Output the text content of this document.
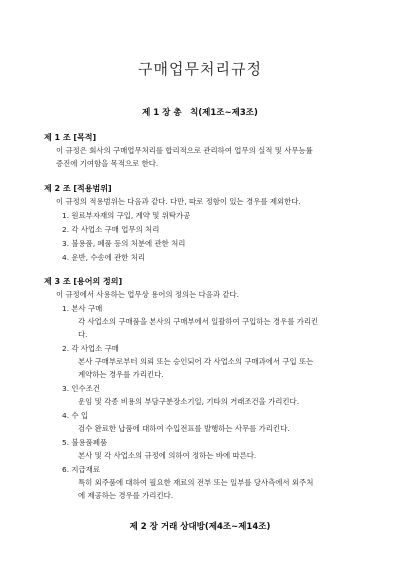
구매업무처리규정
제 1 장 총　칙(제1조~제3조)
제 1 조 [목적]
이 규정은 회사의 구매업무처리를 합리적으로 관리하여 업무의 실적 및 사무능률
증진에 기여함을 목적으로 한다.
제 2 조 [적용범위]
이 규정의 적용범위는 다음과 같다. 다만, 따로 정함이 있는 경우를 제외한다.
1. 원료부자재의 구입, 계약 및 위탁가공
2. 각 사업소 구매 업무의 처리
3. 불용품, 폐품 등의 처분에 관한 처리
4. 운반, 수송에 관한 처리
제 3 조 [용어의 정의]
이 규정에서 사용하는 업무상 용어의 정의는 다음과 같다.
1. 본사 구매
각 사업소의 구매품을 본사의 구매부에서 일괄하여 구입하는 경우를 가리킨
다.
2. 각 사업소 구매
본사 구매부로부터 의뢰 또는 승인되어 각 사업소의 구매과에서 구입 또는
계약하는 경우를 가리킨다.
3. 인수조건
운임 및 각종 비용의 부담구분장소기일, 기타의 거래조건을 가리킨다.
4. 수 입
검수 완료한 납품에 대하여 수입전표를 발행하는 사무를 가리킨다.
5. 불용품폐품
본사 및 각 사업소의 규정에 의하여 정하는 바에 따른다.
6. 지급재료
특히 외주품에 대하여 필요한 재료의 전부 또는 일부를 당사측에서 외주처
에 제공하는 경우를 가리킨다.
제 2 장 거래 상대방(제4조~제14조)
